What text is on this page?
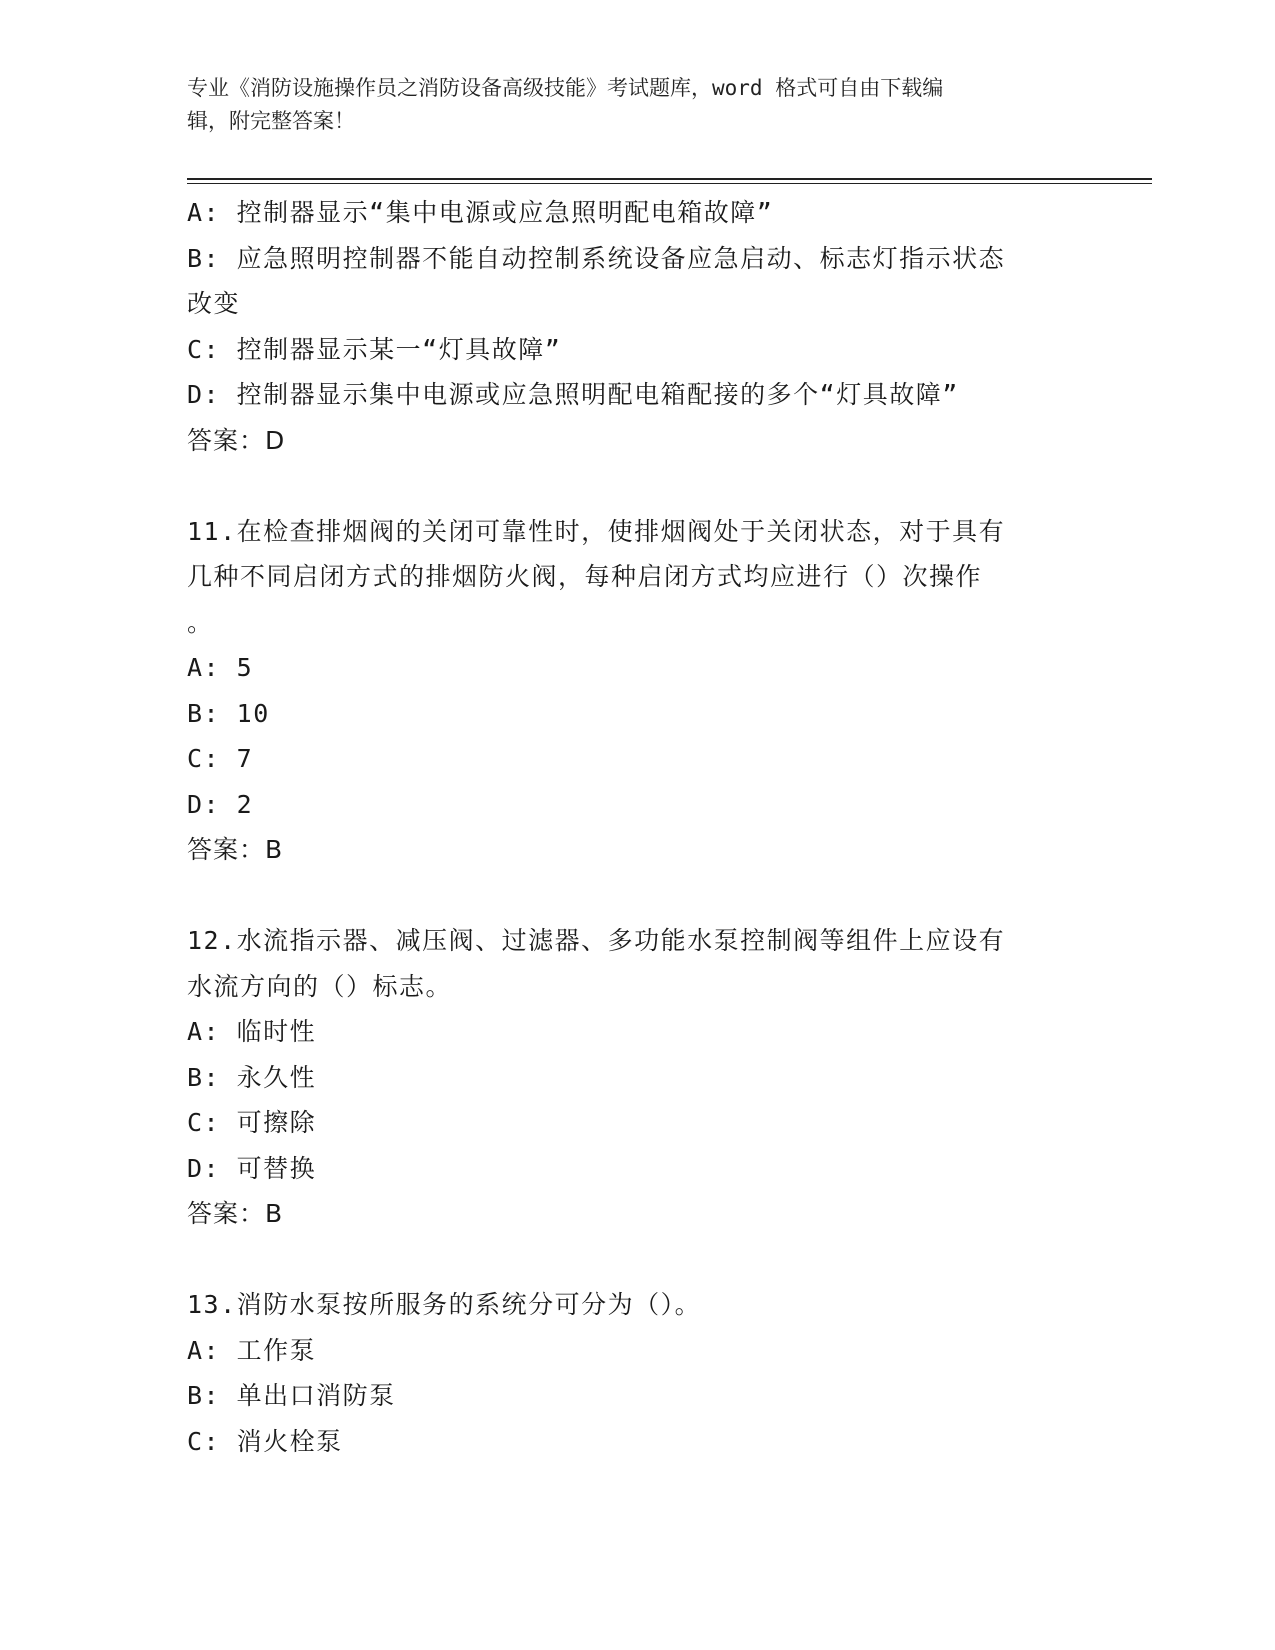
专业《消防设施操作员之消防设备高级技能》考试题库，word 格式可自由下载编
辑，附完整答案！
A: 控制器显示“集中电源或应急照明配电箱故障”
B: 应急照明控制器不能自动控制系统设备应急启动、标志灯指示状态
改变
C: 控制器显示某一“灯具故障”
D: 控制器显示集中电源或应急照明配电箱配接的多个“灯具故障”
答案：D
11.在检查排烟阀的关闭可靠性时，使排烟阀处于关闭状态，对于具有
几种不同启闭方式的排烟防火阀，每种启闭方式均应进行（）次操作
。
A: 5
B: 10
C: 7
D: 2
答案：B
12.水流指示器、减压阀、过滤器、多功能水泵控制阀等组件上应设有
水流方向的（）标志。
A: 临时性
B: 永久性
C: 可擦除
D: 可替换
答案：B
13.消防水泵按所服务的系统分可分为（）。
A: 工作泵
B: 单出口消防泵
C: 消火栓泵
